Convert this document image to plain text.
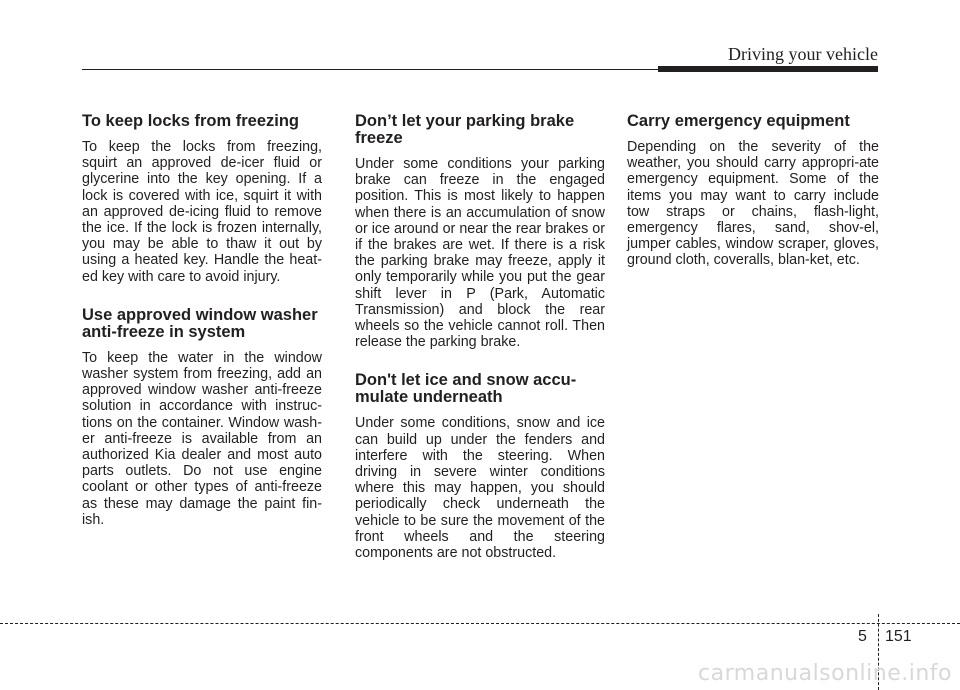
Driving your vehicle
To keep locks from freezing

To keep the locks from freezing, squirt an approved de-icer fluid or glycerine into the key opening. If a lock is covered with ice, squirt it with an approved de-icing fluid to remove the ice. If the lock is frozen internally, you may be able to thaw it out by using a heated key. Handle the heat-ed key with care to avoid injury.

Use approved window washer anti-freeze in system

To keep the water in the window washer system from freezing, add an approved window washer anti-freeze solution in accordance with instruc-tions on the container. Window wash-er anti-freeze is available from an authorized Kia dealer and most auto parts outlets. Do not use engine coolant or other types of anti-freeze as these may damage the paint fin-ish.

Don’t let your parking brake freeze

Under some conditions your parking brake can freeze in the engaged position. This is most likely to happen when there is an accumulation of snow or ice around or near the rear brakes or if the brakes are wet. If there is a risk the parking brake may freeze, apply it only temporarily while you put the gear shift lever in P (Park, Automatic Transmission) and block the rear wheels so the vehicle cannot roll. Then release the parking brake.

Don't let ice and snow accu-mulate underneath

Under some conditions, snow and ice can build up under the fenders and interfere with the steering. When driving in severe winter conditions where this may happen, you should periodically check underneath the vehicle to be sure the movement of the front wheels and the steering components are not obstructed.

Carry emergency equipment

Depending on the severity of the weather, you should carry appropri-ate emergency equipment. Some of the items you may want to carry include tow straps or chains, flash-light, emergency flares, sand, shov-el, jumper cables, window scraper, gloves, ground cloth, coveralls, blan-ket, etc.

5 151
carmanualsonline.info
